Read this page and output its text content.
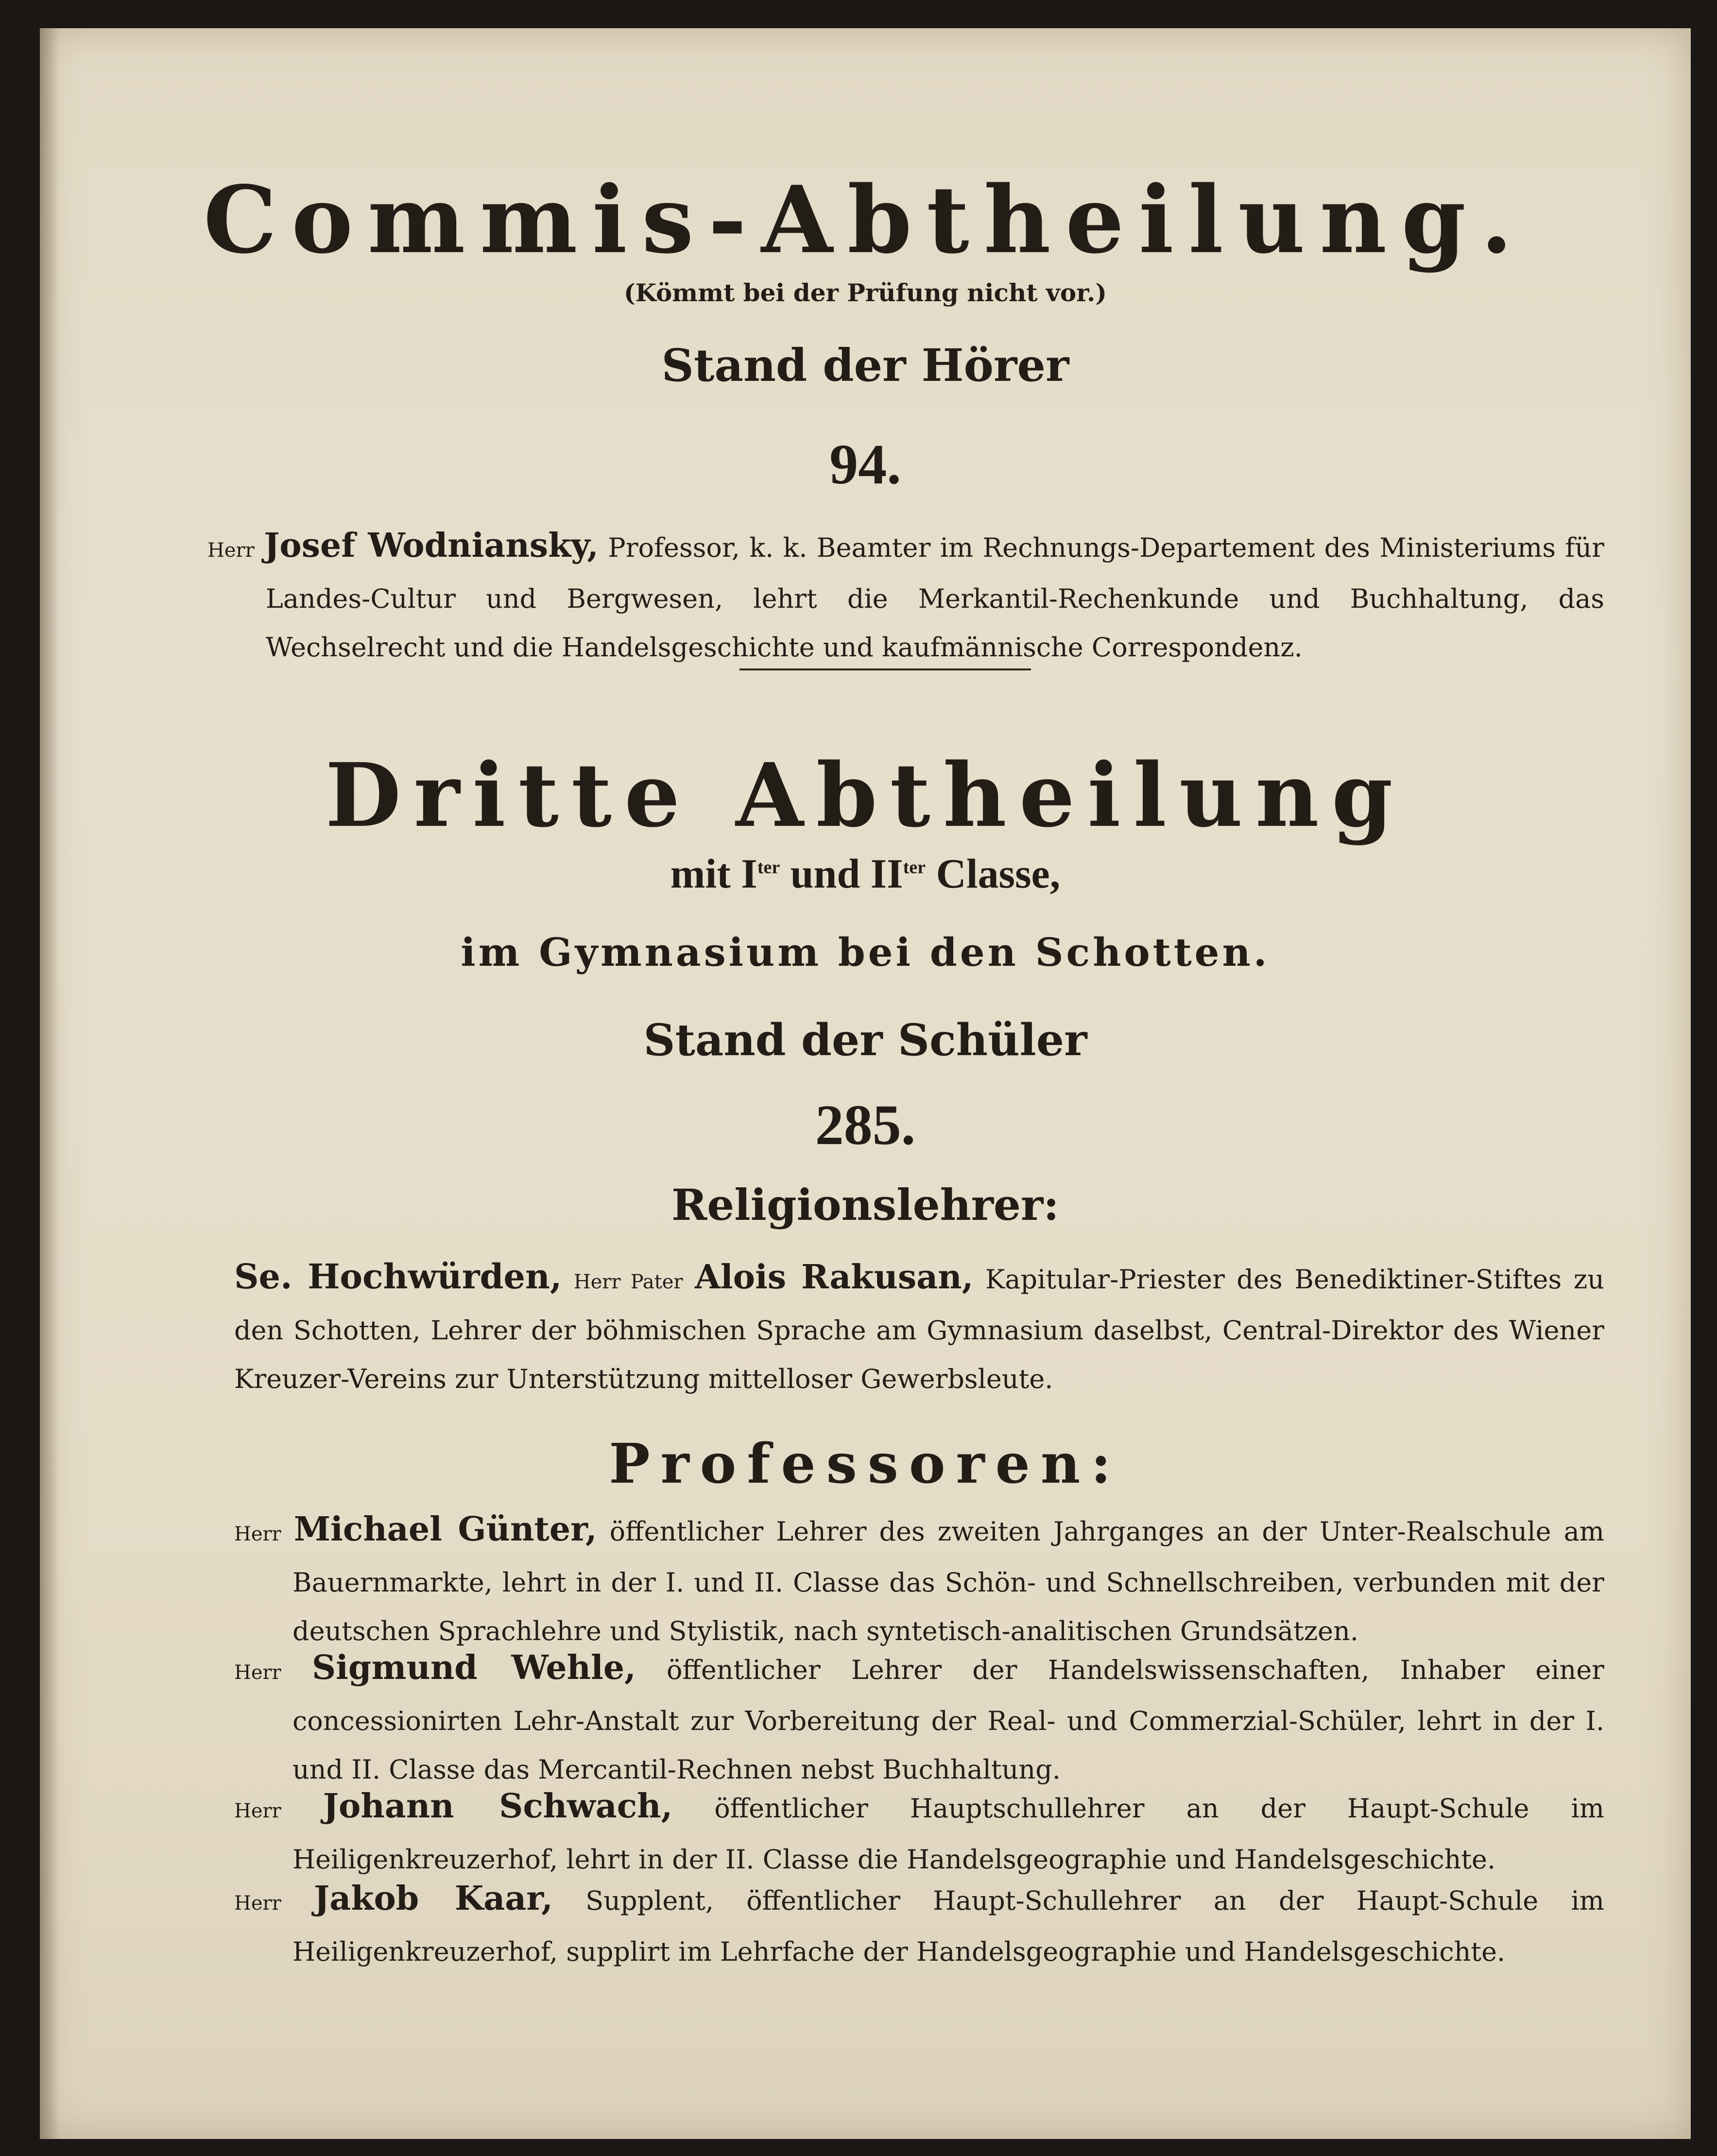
Commis-Abtheilung.
(Kömmt bei der Prüfung nicht vor.)
Stand der Hörer
94.
Herr Josef Wodniansky, Professor, k. k. Beamter im Rechnungs-Departement des Ministeriums für Landes-Cultur und Bergwesen, lehrt die Merkantil-Rechenkunde und Buchhaltung, das Wechselrecht und die Handelsgeschichte und kaufmännische Correspondenz.
Dritte Abtheilung
mit $I^{ter}$ und $II^{ter}$ Classe,
im Gymnasium bei den Schotten.
Stand der Schüler
285.
Religionslehrer:
Se. Hochwürden, Herr Pater Alois Rakusan, Kapitular-Priester des Benediktiner-Stiftes zu den Schotten, Lehrer der böhmischen Sprache am Gymnasium daselbst, Central-Direktor des Wiener Kreuzer-Vereins zur Unterstützung mittelloser Gewerbsleute.
Professoren:
Herr Michael Günter, öffentlicher Lehrer des zweiten Jahrganges an der Unter-Realschule am Bauernmarkte, lehrt in der I. und II. Classe das Schön- und Schnellschreiben, verbunden mit der deutschen Sprachlehre und Stylistik, nach syntetisch-analitischen Grundsätzen.
Herr Sigmund Wehle, öffentlicher Lehrer der Handelswissenschaften, Inhaber einer concessionirten Lehr-Anstalt zur Vorbereitung der Real- und Commerzial-Schüler, lehrt in der I. und II. Classe das Mercantil-Rechnen nebst Buchhaltung.
Herr Johann Schwach, öffentlicher Hauptschullehrer an der Haupt-Schule im Heiligenkreuzerhof, lehrt in der II. Classe die Handelsgeographie und Handelsgeschichte.
Herr Jakob Kaar, Supplent, öffentlicher Haupt-Schullehrer an der Haupt-Schule im Heiligenkreuzerhof, supplirt im Lehrfache der Handelsgeographie und Handelsgeschichte.
